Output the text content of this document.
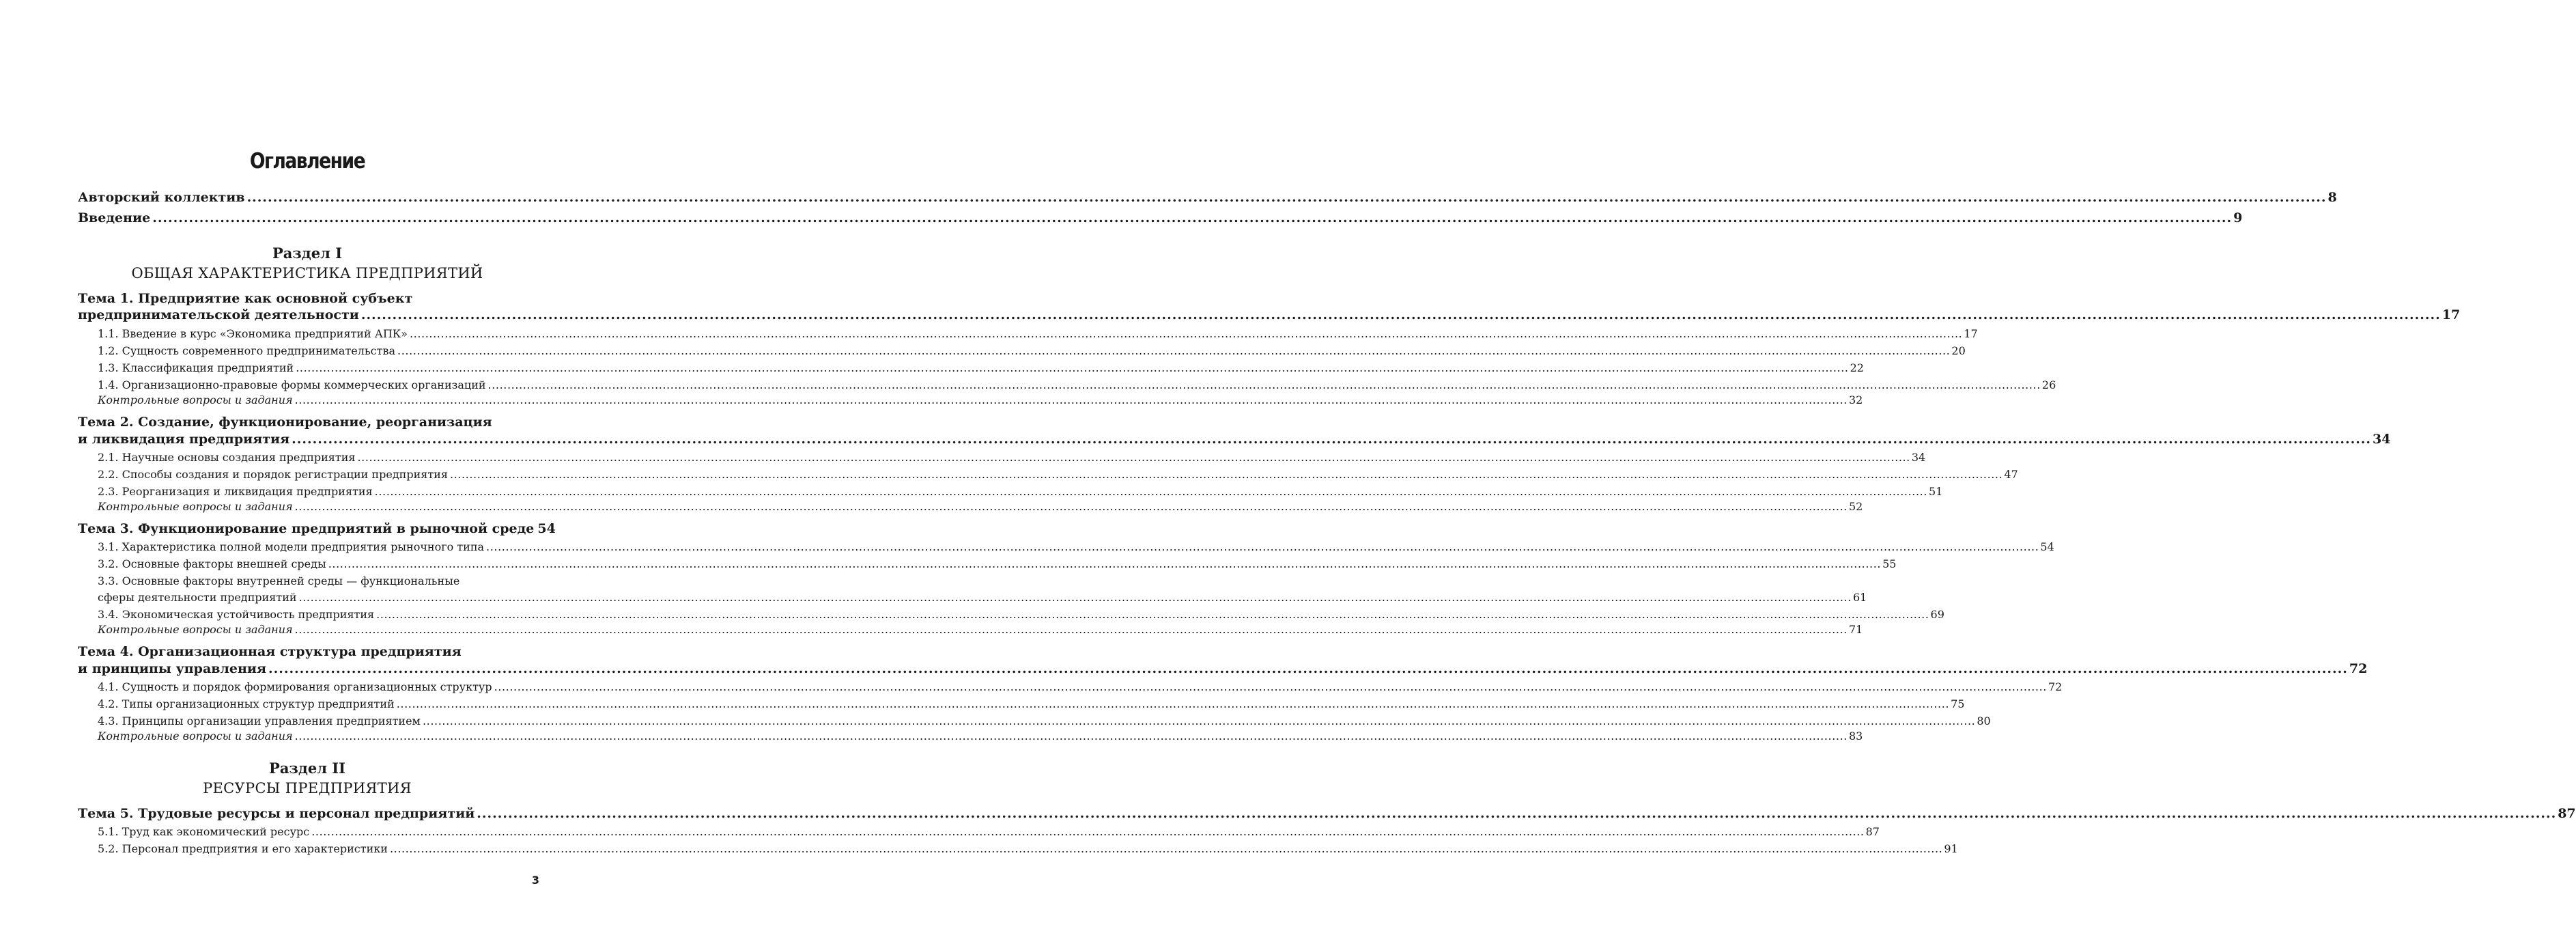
Оглавление
Авторский коллектив ................................................................................................................................................................................................................................................................................................................................................................................................................ 8
Введение ................................................................................................................................................................................................................................................................................................................................................................................................................ 9
Раздел I
ОБЩАЯ ХАРАКТЕРИСТИКА ПРЕДПРИЯТИЙ
Тема 1. Предприятие как основной субъект
предпринимательской деятельности ................................................................................................................................................................................................................................................................................................................................................................................................................ 17
1.1. Введение в курс «Экономика предприятий АПК» ................................................................................................................................................................................................................................................................................................................................................................................................................ 17
1.2. Сущность современного предпринимательства ................................................................................................................................................................................................................................................................................................................................................................................................................ 20
1.3. Классификация предприятий ................................................................................................................................................................................................................................................................................................................................................................................................................ 22
1.4. Организационно-правовые формы коммерческих организаций ................................................................................................................................................................................................................................................................................................................................................................................................................ 26
Контрольные вопросы и задания ................................................................................................................................................................................................................................................................................................................................................................................................................ 32
Тема 2. Создание, функционирование, реорганизация
и ликвидация предприятия ................................................................................................................................................................................................................................................................................................................................................................................................................ 34
2.1. Научные основы создания предприятия ................................................................................................................................................................................................................................................................................................................................................................................................................ 34
2.2. Способы создания и порядок регистрации предприятия ................................................................................................................................................................................................................................................................................................................................................................................................................ 47
2.3. Реорганизация и ликвидация предприятия ................................................................................................................................................................................................................................................................................................................................................................................................................ 51
Контрольные вопросы и задания ................................................................................................................................................................................................................................................................................................................................................................................................................ 52
Тема 3. Функционирование предприятий в рыночной среде 54
3.1. Характеристика полной модели предприятия рыночного типа ................................................................................................................................................................................................................................................................................................................................................................................................................ 54
3.2. Основные факторы внешней среды ................................................................................................................................................................................................................................................................................................................................................................................................................ 55
3.3. Основные факторы внутренней среды — функциональные
сферы деятельности предприятий ................................................................................................................................................................................................................................................................................................................................................................................................................ 61
3.4. Экономическая устойчивость предприятия ................................................................................................................................................................................................................................................................................................................................................................................................................ 69
Контрольные вопросы и задания ................................................................................................................................................................................................................................................................................................................................................................................................................ 71
Тема 4. Организационная структура предприятия
и принципы управления ................................................................................................................................................................................................................................................................................................................................................................................................................ 72
4.1. Сущность и порядок формирования организационных структур ................................................................................................................................................................................................................................................................................................................................................................................................................ 72
4.2. Типы организационных структур предприятий ................................................................................................................................................................................................................................................................................................................................................................................................................ 75
4.3. Принципы организации управления предприятием ................................................................................................................................................................................................................................................................................................................................................................................................................ 80
Контрольные вопросы и задания ................................................................................................................................................................................................................................................................................................................................................................................................................ 83
Раздел II
РЕСУРСЫ ПРЕДПРИЯТИЯ
Тема 5. Трудовые ресурсы и персонал предприятий ................................................................................................................................................................................................................................................................................................................................................................................................................ 87
5.1. Труд как экономический ресурс ................................................................................................................................................................................................................................................................................................................................................................................................................ 87
5.2. Персонал предприятия и его характеристики ................................................................................................................................................................................................................................................................................................................................................................................................................ 91
3
